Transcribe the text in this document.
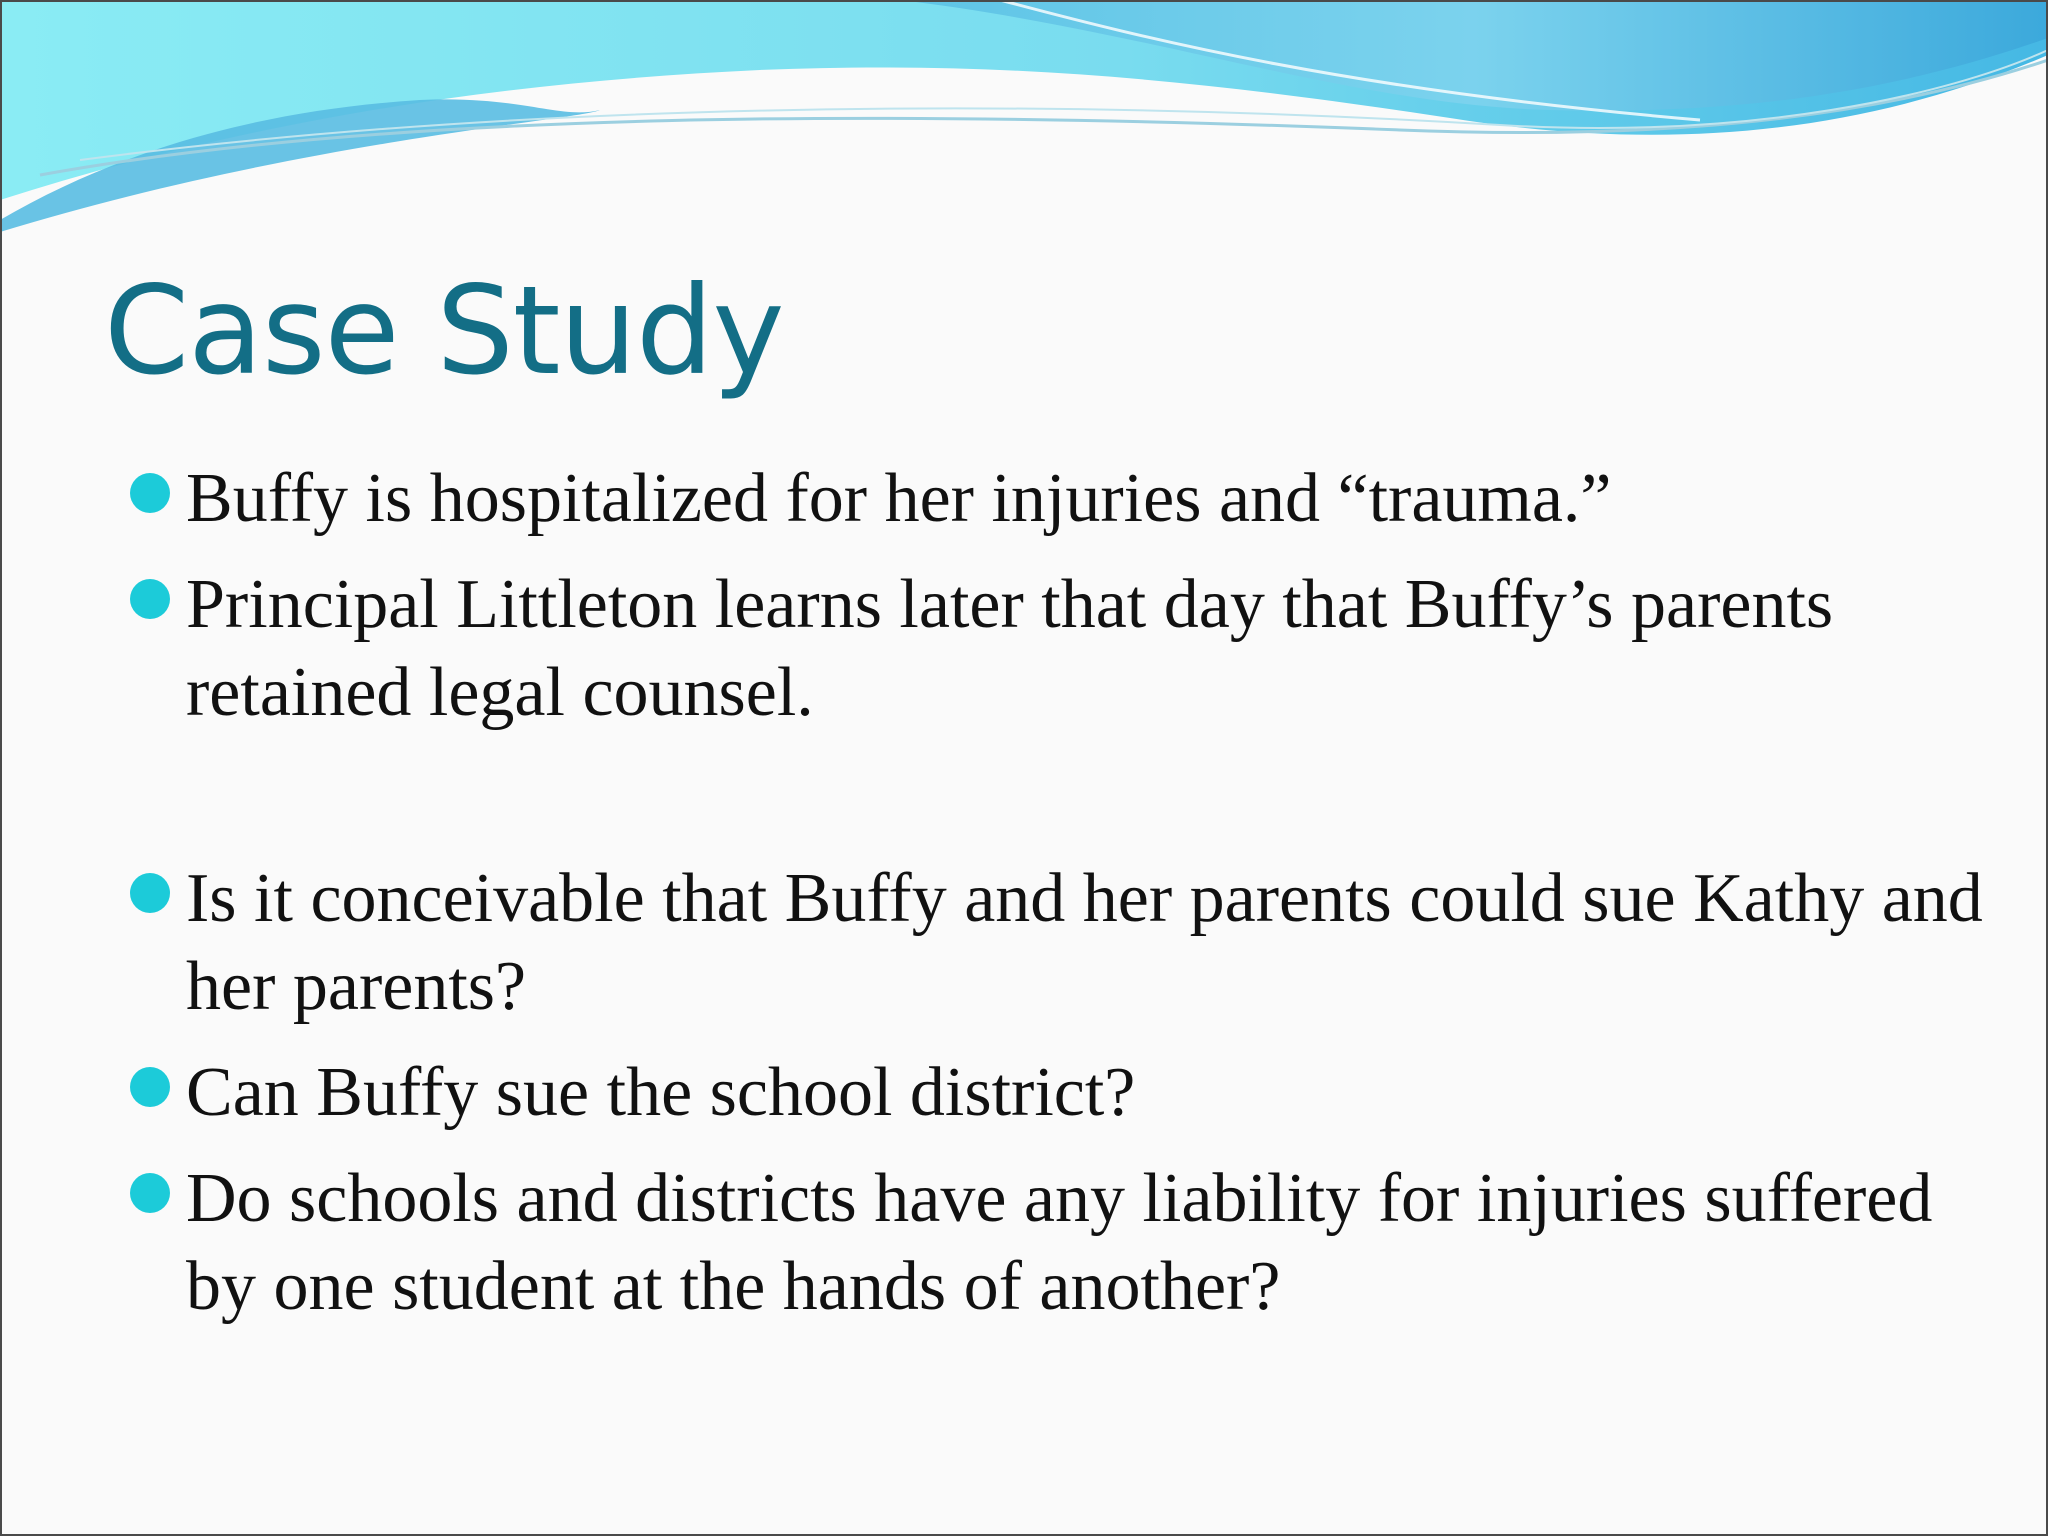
Case Study
Buffy is hospitalized for her injuries and “trauma.”
Principal Littleton learns later that day that Buffy’s parents retained legal counsel.
Is it conceivable that Buffy and her parents could sue Kathy and her parents?
Can Buffy sue the school district?
Do schools and districts have any liability for injuries suffered by one student at the hands of another?
